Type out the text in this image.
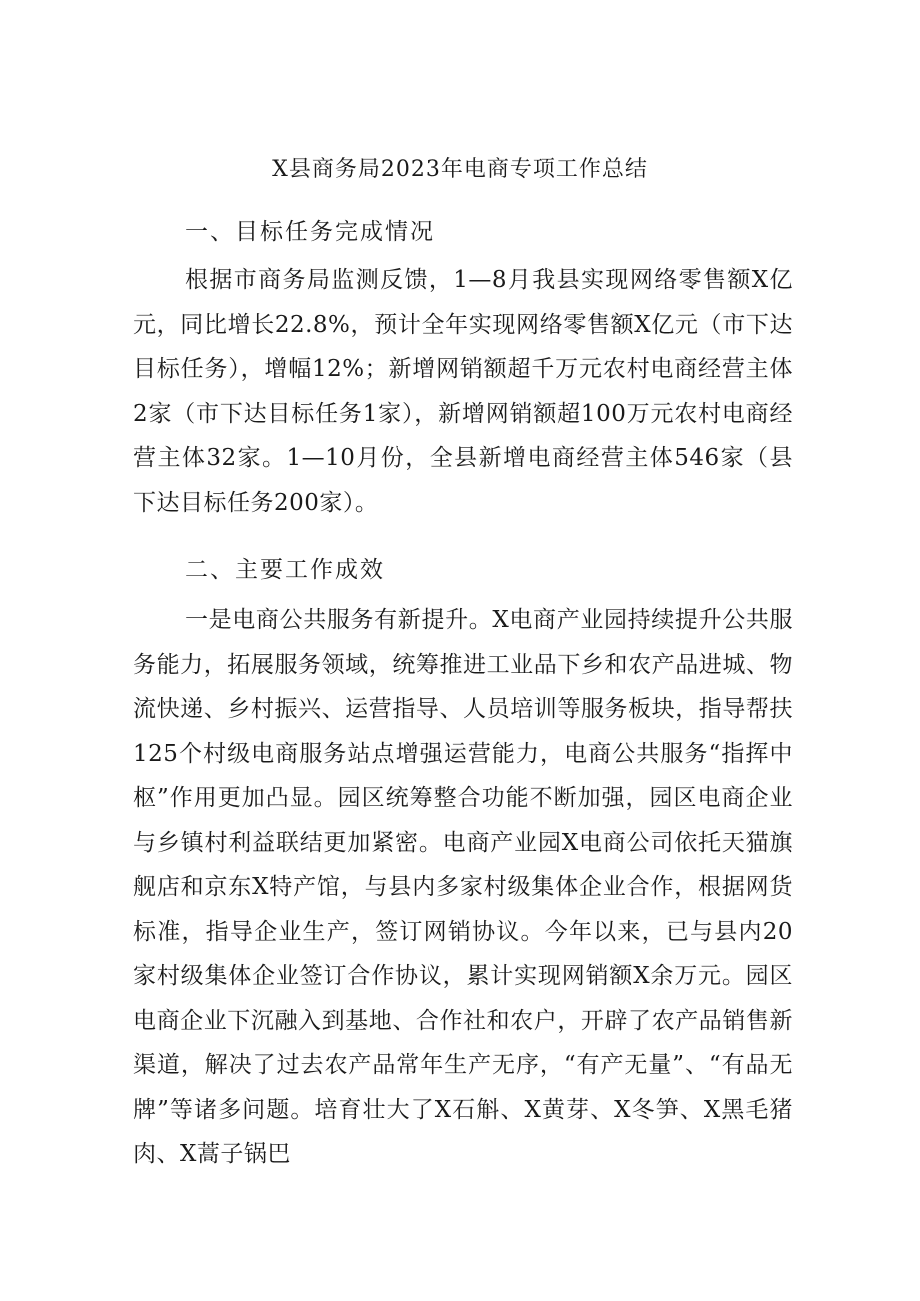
X县商务局2023年电商专项工作总结
一、目标任务完成情况

根据市商务局监测反馈，1—8月我县实现网络零售额X亿元，同比增长22.8%，预计全年实现网络零售额X亿元（市下达目标任务），增幅12%；新增网销额超千万元农村电商经营主体2家（市下达目标任务1家），新增网销额超100万元农村电商经营主体32家。1—10月份，全县新增电商经营主体546家（县下达目标任务200家）。

二、主要工作成效

一是电商公共服务有新提升。X电商产业园持续提升公共服务能力，拓展服务领域，统筹推进工业品下乡和农产品进城、物流快递、乡村振兴、运营指导、人员培训等服务板块，指导帮扶125个村级电商服务站点增强运营能力，电商公共服务“指挥中枢”作用更加凸显。园区统筹整合功能不断加强，园区电商企业与乡镇村利益联结更加紧密。电商产业园X电商公司依托天猫旗舰店和京东X特产馆，与县内多家村级集体企业合作，根据网货标准，指导企业生产，签订网销协议。今年以来，已与县内20家村级集体企业签订合作协议，累计实现网销额X余万元。园区电商企业下沉融入到基地、合作社和农户，开辟了农产品销售新渠道，解决了过去农产品常年生产无序，“有产无量”、“有品无牌”等诸多问题。培育壮大了X石斛、X黄芽、X冬笋、X黑毛猪肉、X蒿子锅巴
